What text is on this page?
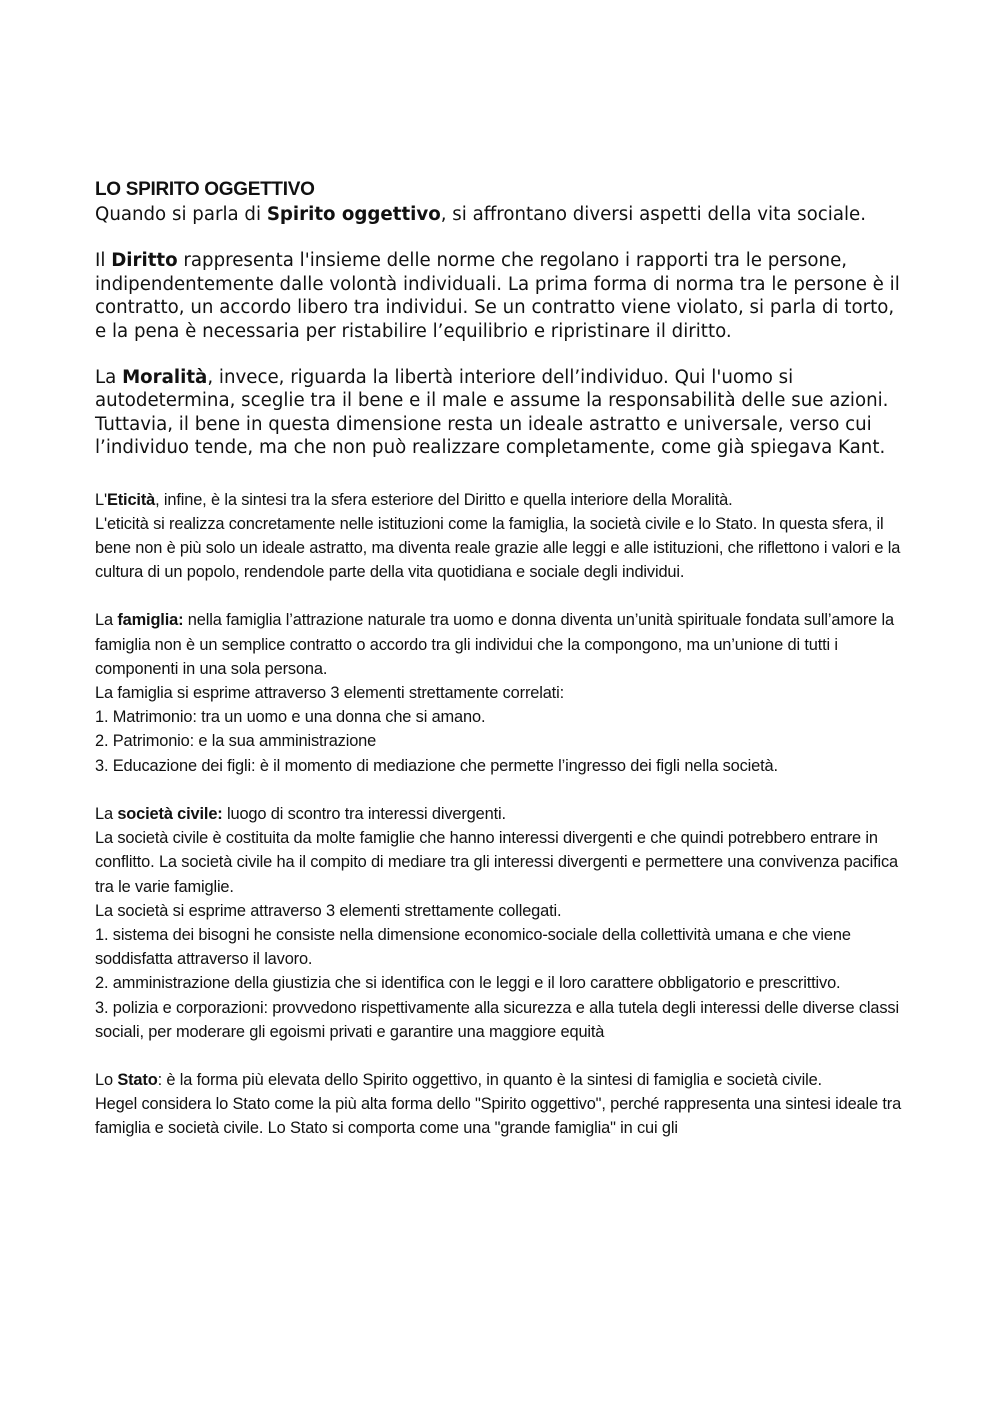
LO SPIRITO OGGETTIVO

Quando si parla di Spirito oggettivo, si affrontano diversi aspetti della vita sociale.

Il Diritto rappresenta l'insieme delle norme che regolano i rapporti tra le persone, indipendentemente dalle volontà individuali. La prima forma di norma tra le persone è il contratto, un accordo libero tra individui. Se un contratto viene violato, si parla di torto, e la pena è necessaria per ristabilire l’equilibrio e ripristinare il diritto.

La Moralità, invece, riguarda la libertà interiore dell’individuo. Qui l'uomo si autodetermina, sceglie tra il bene e il male e assume la responsabilità delle sue azioni. Tuttavia, il bene in questa dimensione resta un ideale astratto e universale, verso cui l’individuo tende, ma che non può realizzare completamente, come già spiegava Kant.

L'Eticità, infine, è la sintesi tra la sfera esteriore del Diritto e quella interiore della Moralità.

L'eticità si realizza concretamente nelle istituzioni come la famiglia, la società civile e lo Stato. In questa sfera, il bene non è più solo un ideale astratto, ma diventa reale grazie alle leggi e alle istituzioni, che riflettono i valori e la cultura di un popolo, rendendole parte della vita quotidiana e sociale degli individui.

La famiglia: nella famiglia l’attrazione naturale tra uomo e donna diventa un’unità spirituale fondata sull’amore la famiglia non è un semplice contratto o accordo tra gli individui che la compongono, ma un’unione di tutti i componenti in una sola persona.

La famiglia si esprime attraverso 3 elementi strettamente correlati:

1. Matrimonio: tra un uomo e una donna che si amano.

2. Patrimonio: e la sua amministrazione

3. Educazione dei figli: è il momento di mediazione che permette l’ingresso dei figli nella società.

La società civile: luogo di scontro tra interessi divergenti.

La società civile è costituita da molte famiglie che hanno interessi divergenti e che quindi potrebbero entrare in conflitto. La società civile ha il compito di mediare tra gli interessi divergenti e permettere una convivenza pacifica tra le varie famiglie.

La società si esprime attraverso 3 elementi strettamente collegati.

1. sistema dei bisogni he consiste nella dimensione economico-sociale della collettività umana e che viene soddisfatta attraverso il lavoro.

2. amministrazione della giustizia che si identifica con le leggi e il loro carattere obbligatorio e prescrittivo.

3. polizia e corporazioni: provvedono rispettivamente alla sicurezza e alla tutela degli interessi delle diverse classi sociali, per moderare gli egoismi privati e garantire una maggiore equità

Lo Stato: è la forma più elevata dello Spirito oggettivo, in quanto è la sintesi di famiglia e società civile.

Hegel considera lo Stato come la più alta forma dello "Spirito oggettivo", perché rappresenta una sintesi ideale tra famiglia e società civile. Lo Stato si comporta come una "grande famiglia" in cui gli
